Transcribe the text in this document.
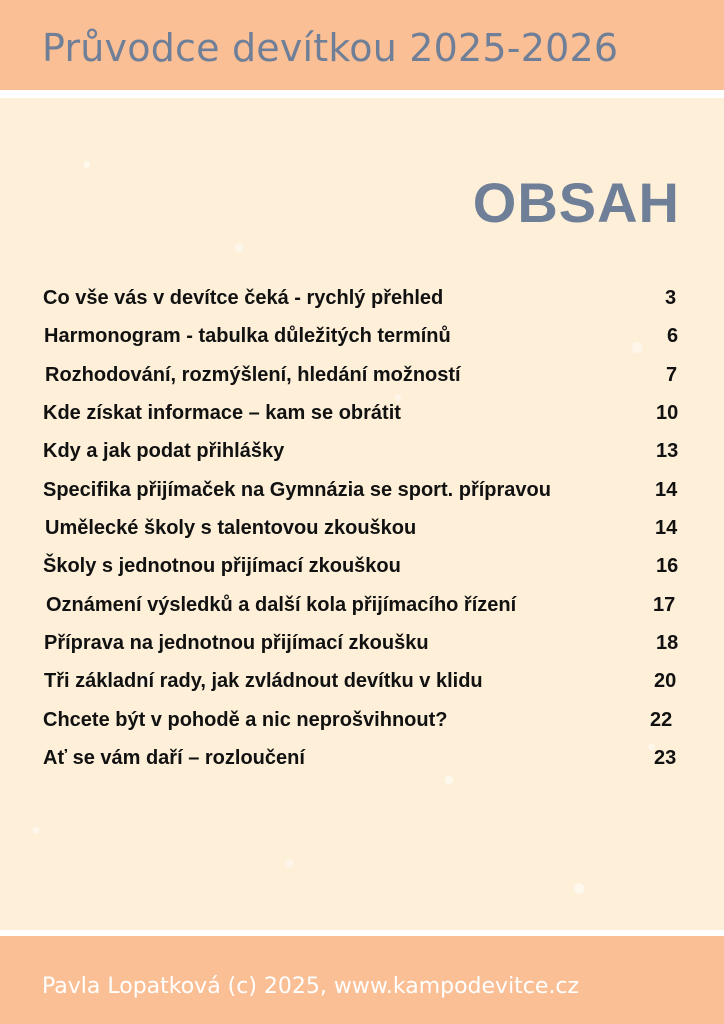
Průvodce devítkou 2025-2026
OBSAH
Co vše vás v devítce čeká - rychlý přehled	3
Harmonogram - tabulka důležitých termínů	6
Rozhodování, rozmýšlení, hledání možností	7
Kde získat informace – kam se obrátit	10
Kdy a jak podat přihlášky	13
Specifika přijímaček na Gymnázia se sport. přípravou	14
Umělecké školy s talentovou zkouškou	14
Školy s jednotnou přijímací zkouškou	16
Oznámení výsledků a další kola přijímacího řízení	17
Příprava na jednotnou přijímací zkoušku	18
Tři základní rady, jak zvládnout devítku v klidu	20
Chcete být v pohodě a nic neprošvihnout?	22
Ať se vám daří – rozloučení	23
Pavla Lopatková (c) 2025, www.kampodevitce.cz
